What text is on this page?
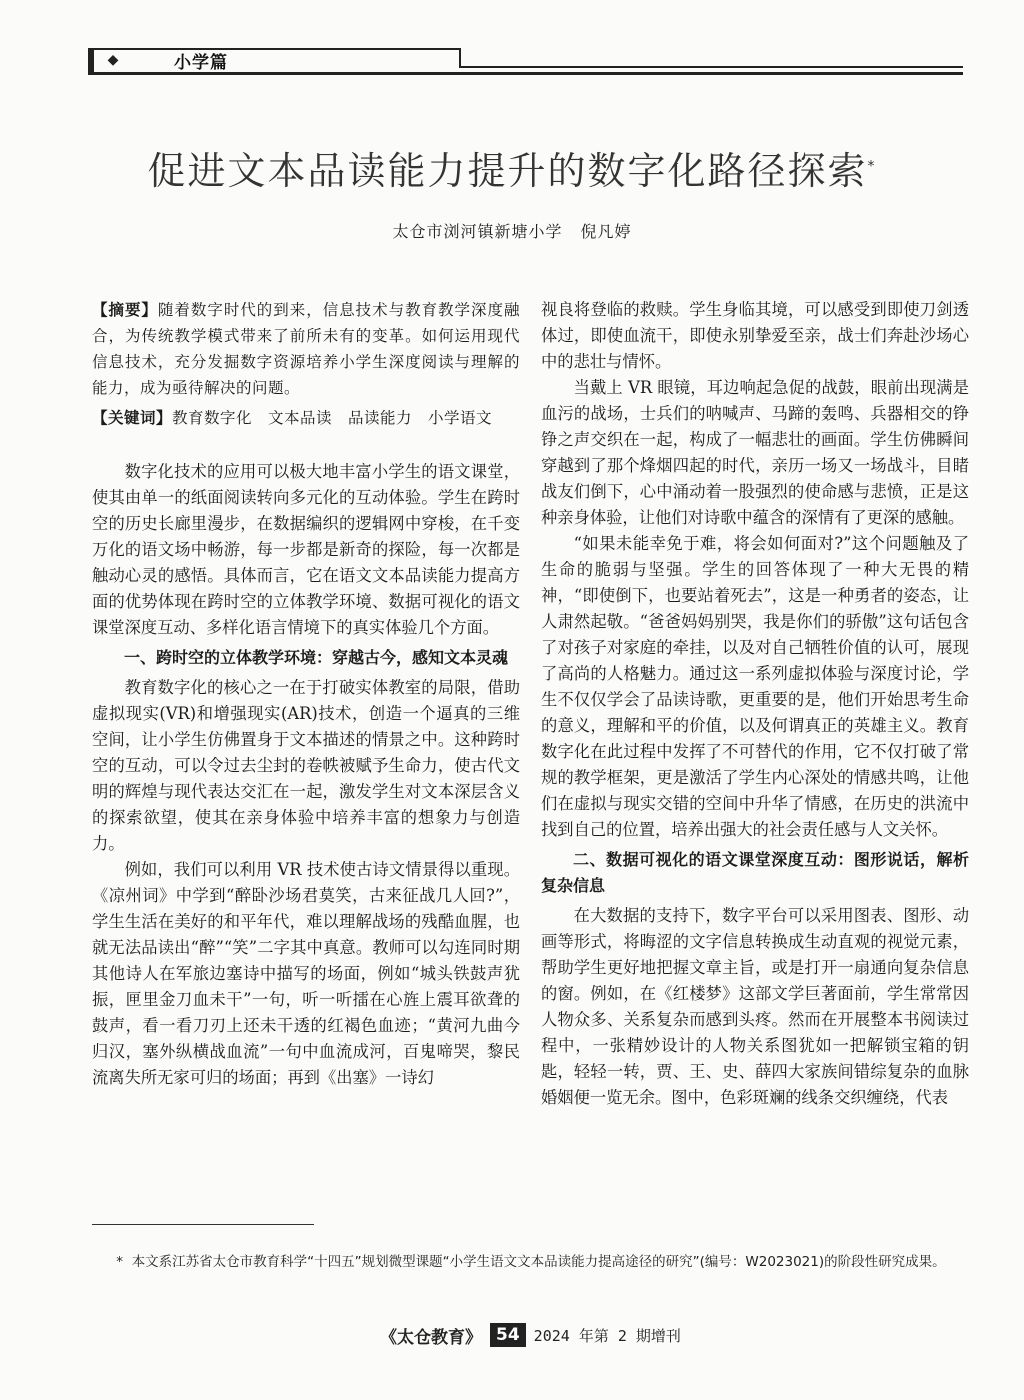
◆	小学篇
促进文本品读能力提升的数字化路径探索*
太仓市浏河镇新塘小学 倪凡婷

【摘要】随着数字时代的到来，信息技术与教育教学深度融合，为传统教学模式带来了前所未有的变革。如何运用现代信息技术，充分发掘数字资源培养小学生深度阅读与理解的能力，成为亟待解决的问题。

【关键词】教育数字化　文本品读　品读能力　小学语文

数字化技术的应用可以极大地丰富小学生的语文课堂，使其由单一的纸面阅读转向多元化的互动体验。学生在跨时空的历史长廊里漫步，在数据编织的逻辑网中穿梭，在千变万化的语文场中畅游，每一步都是新奇的探险，每一次都是触动心灵的感悟。具体而言，它在语文文本品读能力提高方面的优势体现在跨时空的立体教学环境、数据可视化的语文课堂深度互动、多样化语言情境下的真实体验几个方面。

一、跨时空的立体教学环境：穿越古今，感知文本灵魂

教育数字化的核心之一在于打破实体教室的局限，借助虚拟现实(VR)和增强现实(AR)技术，创造一个逼真的三维空间，让小学生仿佛置身于文本描述的情景之中。这种跨时空的互动，可以令过去尘封的卷帙被赋予生命力，使古代文明的辉煌与现代表达交汇在一起，激发学生对文本深层含义的探索欲望，使其在亲身体验中培养丰富的想象力与创造力。

例如，我们可以利用 VR 技术使古诗文情景得以重现。《凉州词》中学到“醉卧沙场君莫笑，古来征战几人回?”，学生生活在美好的和平年代，难以理解战场的残酷血腥，也就无法品读出“醉”“笑”二字其中真意。教师可以勾连同时期其他诗人在军旅边塞诗中描写的场面，例如“城头铁鼓声犹振，匣里金刀血未干”一句，听一听擂在心旌上震耳欲聋的鼓声，看一看刀刃上还未干透的红褐色血迹；“黄河九曲今归汉，塞外纵横战血流”一句中血流成河，百鬼啼哭，黎民流离失所无家可归的场面；再到《出塞》一诗幻

视良将登临的救赎。学生身临其境，可以感受到即使刀剑透体过，即使血流干，即使永别挚爱至亲，战士们奔赴沙场心中的悲壮与情怀。

当戴上 VR 眼镜，耳边响起急促的战鼓，眼前出现满是血污的战场，士兵们的呐喊声、马蹄的轰鸣、兵器相交的铮铮之声交织在一起，构成了一幅悲壮的画面。学生仿佛瞬间穿越到了那个烽烟四起的时代，亲历一场又一场战斗，目睹战友们倒下，心中涌动着一股强烈的使命感与悲愤，正是这种亲身体验，让他们对诗歌中蕴含的深情有了更深的感触。

“如果未能幸免于难，将会如何面对?”这个问题触及了生命的脆弱与坚强。学生的回答体现了一种大无畏的精神，“即使倒下，也要站着死去”，这是一种勇者的姿态，让人肃然起敬。“爸爸妈妈别哭，我是你们的骄傲”这句话包含了对孩子对家庭的牵挂，以及对自己牺牲价值的认可，展现了高尚的人格魅力。通过这一系列虚拟体验与深度讨论，学生不仅仅学会了品读诗歌，更重要的是，他们开始思考生命的意义，理解和平的价值，以及何谓真正的英雄主义。教育数字化在此过程中发挥了不可替代的作用，它不仅打破了常规的教学框架，更是激活了学生内心深处的情感共鸣，让他们在虚拟与现实交错的空间中升华了情感，在历史的洪流中找到自己的位置，培养出强大的社会责任感与人文关怀。

二、数据可视化的语文课堂深度互动：图形说话，解析复杂信息

在大数据的支持下，数字平台可以采用图表、图形、动画等形式，将晦涩的文字信息转换成生动直观的视觉元素，帮助学生更好地把握文章主旨，或是打开一扇通向复杂信息的窗。例如，在《红楼梦》这部文学巨著面前，学生常常因人物众多、关系复杂而感到头疼。然而在开展整本书阅读过程中，一张精妙设计的人物关系图犹如一把解锁宝箱的钥匙，轻轻一转，贾、王、史、薛四大家族间错综复杂的血脉婚姻便一览无余。图中，色彩斑斓的线条交织缠绕，代表

* 本文系江苏省太仓市教育科学“十四五”规划微型课题“小学生语文文本品读能力提高途径的研究”(编号：W2023021)的阶段性研究成果。
《太仓教育》 54 2024 年第 2 期增刊
